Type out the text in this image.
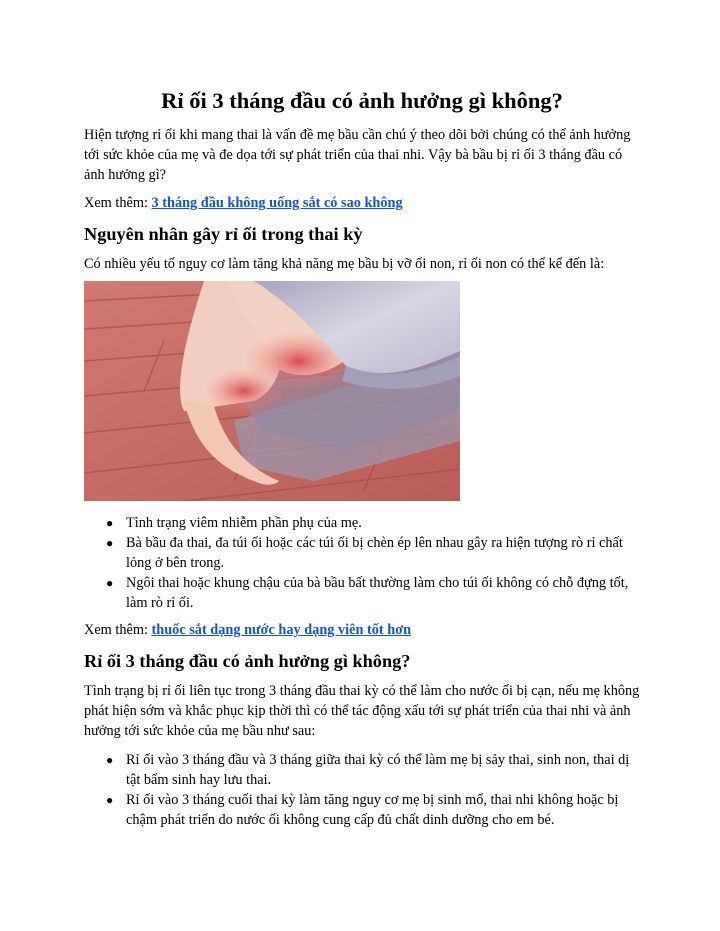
Rỉ ối 3 tháng đầu có ảnh hưởng gì không?

Hiện tượng rỉ ối khi mang thai là vấn đề mẹ bầu cần chú ý theo dõi bởi chúng có thể ảnh hưởng tới sức khỏe của mẹ và đe dọa tới sự phát triển của thai nhi. Vậy bà bầu bị rỉ ối 3 tháng đầu có ảnh hưởng gì?

Xem thêm: 3 tháng đầu không uống sắt có sao không

Nguyên nhân gây rỉ ối trong thai kỳ

Có nhiều yếu tố nguy cơ làm tăng khả năng mẹ bầu bị vỡ ối non, rỉ ối non có thể kể đến là:

● Tình trạng viêm nhiễm phần phụ của mẹ.
● Bà bầu đa thai, đa túi ối hoặc các túi ối bị chèn ép lên nhau gây ra hiện tượng rò rỉ chất lỏng ở bên trong.
● Ngôi thai hoặc khung chậu của bà bầu bất thường làm cho túi ối không có chỗ đựng tốt, làm rò rỉ ối.

Xem thêm: thuốc sắt dạng nước hay dạng viên tốt hơn

Rỉ ối 3 tháng đầu có ảnh hưởng gì không?

Tình trạng bị rỉ ối liên tục trong 3 tháng đầu thai kỳ có thể làm cho nước ối bị cạn, nếu mẹ không phát hiện sớm và khắc phục kịp thời thì có thể tác động xấu tới sự phát triển của thai nhi và ảnh hưởng tới sức khỏe của mẹ bầu như sau:

● Rỉ ối vào 3 tháng đầu và 3 tháng giữa thai kỳ có thể làm mẹ bị sảy thai, sinh non, thai dị tật bẩm sinh hay lưu thai.
● Rỉ ối vào 3 tháng cuối thai kỳ làm tăng nguy cơ mẹ bị sinh mổ, thai nhi không hoặc bị chậm phát triển do nước ối không cung cấp đủ chất dinh dưỡng cho em bé.
